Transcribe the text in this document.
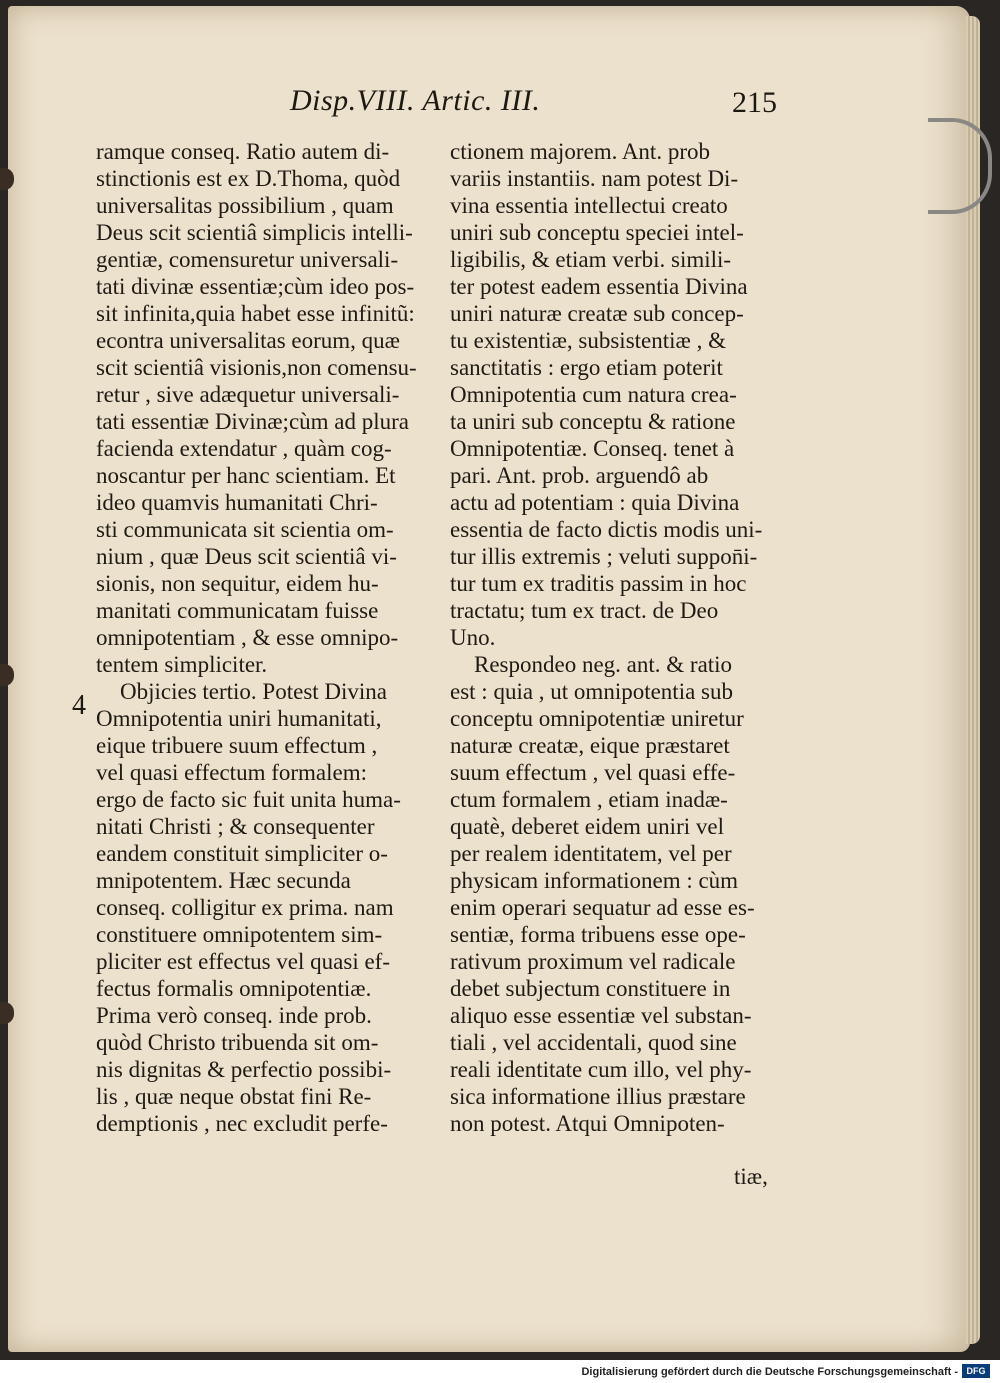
Disp.VIII. Artic. III.	215
4
ramque conseq. Ratio autem di-
stinctionis est ex D.Thoma, quòd
universalitas possibilium , quam
Deus scit scientiâ simplicis intelli-
gentiæ, comensuretur universali-
tati divinæ essentiæ;cùm ideo pos-
sit infinita,quia habet esse infinitũ:
econtra universalitas eorum, quæ
scit scientiâ visionis,non comensu-
retur , sive adæquetur universali-
tati essentiæ Divinæ;cùm ad plura
facienda extendatur , quàm cog-
noscantur per hanc scientiam. Et
ideo quamvis humanitati Chri-
sti communicata sit scientia om-
nium , quæ Deus scit scientiâ vi-
sionis, non sequitur, eidem hu-
manitati communicatam fuisse
omnipotentiam , & esse omnipo-
tentem simpliciter.
Objicies tertio. Potest Divina
Omnipotentia uniri humanitati,
eique tribuere suum effectum ,
vel quasi effectum formalem:
ergo de facto sic fuit unita huma-
nitati Christi ; & consequenter
eandem constituit simpliciter o-
mnipotentem. Hæc secunda
conseq. colligitur ex prima. nam
constituere omnipotentem sim-
pliciter est effectus vel quasi ef-
fectus formalis omnipotentiæ.
Prima verò conseq. inde prob.
quòd Christo tribuenda sit om-
nis dignitas & perfectio possibi-
lis , quæ neque obstat fini Re-
demptionis , nec excludit perfe-
ctionem majorem. Ant. prob
variis instantiis. nam potest Di-
vina essentia intellectui creato
uniri sub conceptu speciei intel-
ligibilis, & etiam verbi. simili-
ter potest eadem essentia Divina
uniri naturæ creatæ sub concep-
tu existentiæ, subsistentiæ , &
sanctitatis : ergo etiam poterit
Omnipotentia cum natura crea-
ta uniri sub conceptu & ratione
Omnipotentiæ. Conseq. tenet à
pari. Ant. prob. arguendô ab
actu ad potentiam : quia Divina
essentia de facto dictis modis uni-
tur illis extremis ; veluti suppon̄i-
tur tum ex traditis passim in hoc
tractatu; tum ex tract. de Deo
Uno.
Respondeo neg. ant. & ratio
est : quia , ut omnipotentia sub
conceptu omnipotentiæ uniretur
naturæ creatæ, eique præstaret
suum effectum , vel quasi effe-
ctum formalem , etiam inadæ-
quatè, deberet eidem uniri vel
per realem identitatem, vel per
physicam informationem : cùm
enim operari sequatur ad esse es-
sentiæ, forma tribuens esse ope-
rativum proximum vel radicale
debet subjectum constituere in
aliquo esse essentiæ vel substan-
tiali , vel accidentali, quod sine
reali identitate cum illo, vel phy-
sica informatione illius præstare
non potest. Atqui Omnipoten-
tiæ,
Digitalisierung gefördert durch die Deutsche Forschungsgemeinschaft - DFG
